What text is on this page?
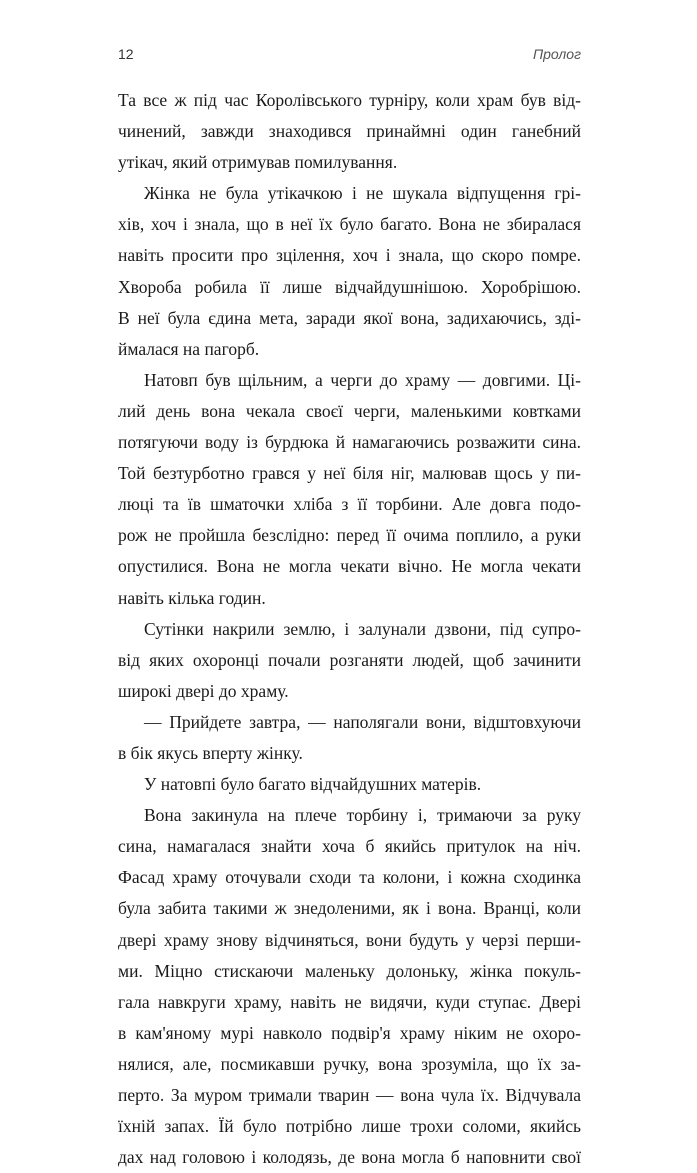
12	Пролог
Та все ж під час Королівського турніру, коли храм був від-
чинений, завжди знаходився принаймні один ганебний
утікач, який отримував помилування.
Жінка не була утікачкою і не шукала відпущення грі-
хів, хоч і знала, що в неї їх було багато. Вона не збиралася
навіть просити про зцілення, хоч і знала, що скоро помре.
Хвороба робила її лише відчайдушнішою. Хоробрішою.
В неї була єдина мета, заради якої вона, задихаючись, зді-
ймалася на пагорб.
Натовп був щільним, а черги до храму — довгими. Ці-
лий день вона чекала своєї черги, маленькими ковтками
потягуючи воду із бурдюка й намагаючись розважити сина.
Той безтурботно грався у неї біля ніг, малював щось у пи-
люці та їв шматочки хліба з її торбини. Але довга подо-
рож не пройшла безслідно: перед її очима поплило, а руки
опустилися. Вона не могла чекати вічно. Не могла чекати
навіть кілька годин.
Сутінки накрили землю, і залунали дзвони, під супро-
від яких охоронці почали розганяти людей, щоб зачинити
широкі двері до храму.
— Прийдете завтра, — наполягали вони, відштовхуючи
в бік якусь вперту жінку.
У натовпі було багато відчайдушних матерів.
Вона закинула на плече торбину і, тримаючи за руку
сина, намагалася знайти хоча б якийсь притулок на ніч.
Фасад храму оточували сходи та колони, і кожна сходинка
була забита такими ж знедоленими, як і вона. Вранці, коли
двері храму знову відчиняться, вони будуть у черзі перши-
ми. Міцно стискаючи маленьку долоньку, жінка покуль-
гала навкруги храму, навіть не видячи, куди ступає. Двері
в кам'яному мурі навколо подвір'я храму ніким не охоро-
нялися, але, посмикавши ручку, вона зрозуміла, що їх за-
перто. За муром тримали тварин — вона чула їх. Відчувала
їхній запах. Їй було потрібно лише трохи соломи, якийсь
дах над головою і колодязь, де вона могла б наповнити свої
